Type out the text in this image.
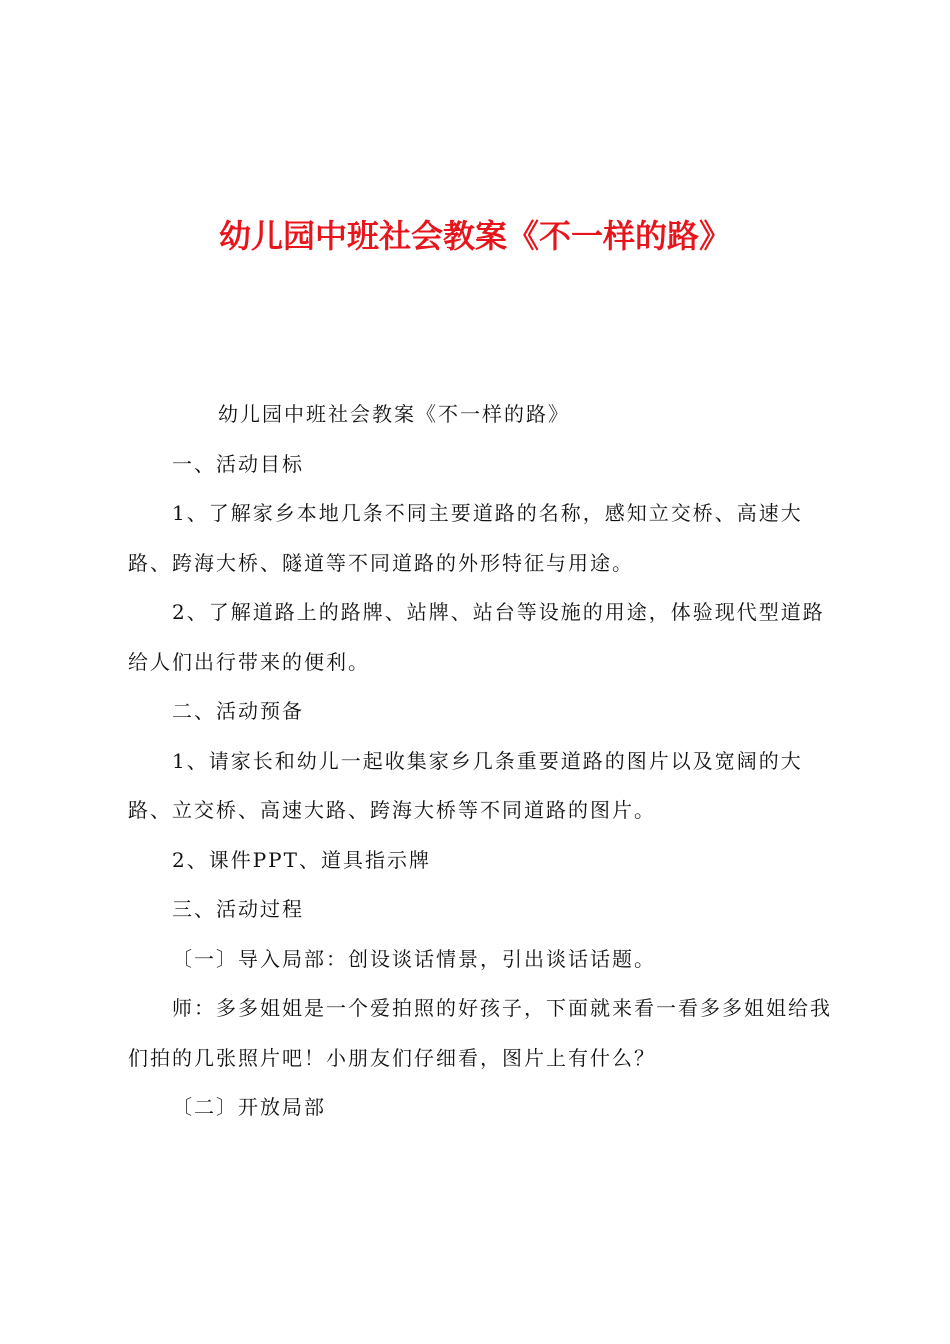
幼儿园中班社会教案《不一样的路》

幼儿园中班社会教案《不一样的路》

一、活动目标

1、了解家乡本地几条不同主要道路的名称，感知立交桥、高速大路、跨海大桥、隧道等不同道路的外形特征与用途。

2、了解道路上的路牌、站牌、站台等设施的用途，体验现代型道路给人们出行带来的便利。

二、活动预备

1、请家长和幼儿一起收集家乡几条重要道路的图片以及宽阔的大路、立交桥、高速大路、跨海大桥等不同道路的图片。

2、课件PPT、道具指示牌

三、活动过程

〔一〕导入局部：创设谈话情景，引出谈话话题。

师：多多姐姐是一个爱拍照的好孩子，下面就来看一看多多姐姐给我们拍的几张照片吧！小朋友们仔细看，图片上有什么？

〔二〕开放局部
